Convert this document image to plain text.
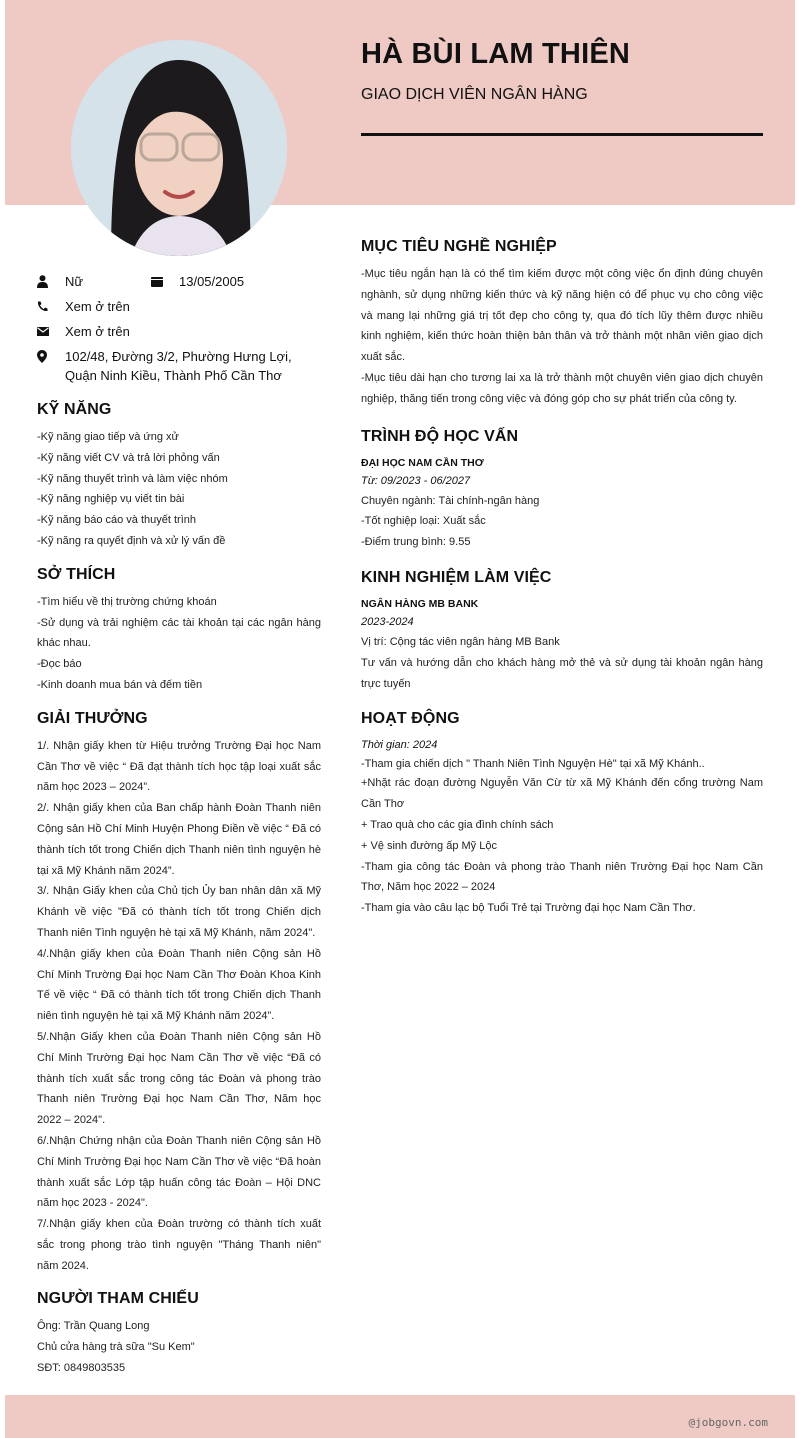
HÀ BÙI LAM THIÊN
GIAO DỊCH VIÊN NGÂN HÀNG
Nữ	13/05/2005
Xem ở trên
Xem ở trên
102/48, Đường 3/2, Phường Hưng Lợi, Quận Ninh Kiều, Thành Phố Cần Thơ
KỸ NĂNG
-Kỹ năng giao tiếp và ứng xử
-Kỹ năng viết CV và trả lời phỏng vấn
-Kỹ năng thuyết trình và làm việc nhóm
-Kỹ năng nghiệp vụ viết tin bài
-Kỹ năng báo cáo và thuyết trình
-Kỹ năng ra quyết định và xử lý vấn đề
SỞ THÍCH
-Tìm hiểu về thị trường chứng khoán
-Sử dụng và trải nghiệm các tài khoản tại các ngân hàng khác nhau.
-Đọc báo
-Kinh doanh mua bán và đếm tiền
GIẢI THƯỞNG
1/. Nhận giấy khen từ Hiệu trưởng Trường Đại học Nam Cần Thơ về việc “ Đã đạt thành tích học tập loại xuất sắc năm học 2023 – 2024”.
2/. Nhận giấy khen của Ban chấp hành Đoàn Thanh niên Cộng sản Hồ Chí Minh Huyện Phong Điền về việc “ Đã có thành tích tốt trong Chiến dịch Thanh niên tình nguyện hè tại xã Mỹ Khánh năm 2024”.
3/. Nhận Giấy khen của Chủ tịch Ủy ban nhân dân xã Mỹ Khánh về việc "Đã có thành tích tốt trong Chiến dịch Thanh niên Tình nguyện hè tại xã Mỹ Khánh, năm 2024".
4/.Nhận giấy khen của Đoàn Thanh niên Cộng sản Hồ Chí Minh Trường Đại học Nam Cần Thơ Đoàn Khoa Kinh Tế về việc “ Đã có thành tích tốt trong Chiến dịch Thanh niên tình nguyện hè tại xã Mỹ Khánh năm 2024”.
5/.Nhận Giấy khen của Đoàn Thanh niên Cộng sản Hồ Chí Minh Trường Đại học Nam Cần Thơ về việc “Đã có thành tích xuất sắc trong công tác Đoàn và phong trào Thanh niên Trường Đại học Nam Cần Thơ, Năm học 2022 – 2024".
6/.Nhận Chứng nhận của Đoàn Thanh niên Cộng sản Hồ Chí Minh Trường Đại học Nam Cần Thơ về việc “Đã hoàn thành xuất sắc Lớp tập huấn công tác Đoàn – Hội DNC năm học 2023 - 2024".
7/.Nhận giấy khen của Đoàn trường có thành tích xuất sắc trong phong trào tình nguyện "Tháng Thanh niên" năm 2024.
NGƯỜI THAM CHIẾU
Ông: Trần Quang Long
Chủ cửa hàng trà sữa "Su Kem"
SĐT: 0849803535
MỤC TIÊU NGHỀ NGHIỆP
-Mục tiêu ngắn hạn là có thể tìm kiếm được một công việc ổn định đúng chuyên nghành, sử dụng những kiến thức và kỹ năng hiện có để phục vụ cho công việc và mang lại những giá trị tốt đẹp cho công ty, qua đó tích lũy thêm được nhiều kinh nghiệm, kiến thức hoàn thiện bản thân và trở thành một nhân viên giao dịch xuất sắc.
-Mục tiêu dài hạn cho tương lai xa là trở thành một chuyên viên giao dịch chuyên nghiệp, thăng tiến trong công việc và đóng góp cho sự phát triển của công ty.
TRÌNH ĐỘ HỌC VẤN
ĐẠI HỌC NAM CẦN THƠ
Từ: 09/2023 - 06/2027
Chuyên ngành: Tài chính-ngân hàng
-Tốt nghiệp loại: Xuất sắc
-Điểm trung bình: 9.55
KINH NGHIỆM LÀM VIỆC
NGÂN HÀNG MB BANK
2023-2024
Vị trí: Cộng tác viên ngân hàng MB Bank
Tư vấn và hướng dẫn cho khách hàng mở thẻ và sử dụng tài khoản ngân hàng trực tuyến
HOẠT ĐỘNG
Thời gian: 2024
-Tham gia chiến dịch " Thanh Niên Tình Nguyện Hè" tại xã Mỹ Khánh..
+Nhặt rác đoạn đường Nguyễn Văn Cừ từ xã Mỹ Khánh đến cổng trường Nam Cần Thơ
+ Trao quà cho các gia đình chính sách
+ Vệ sinh đường ấp Mỹ Lộc
-Tham gia công tác Đoàn và phong trào Thanh niên Trường Đại học Nam Cần Thơ, Năm học 2022 – 2024
-Tham gia vào câu lạc bộ Tuổi Trẻ tại Trường đại học Nam Cần Thơ.
@jobgovn.com
